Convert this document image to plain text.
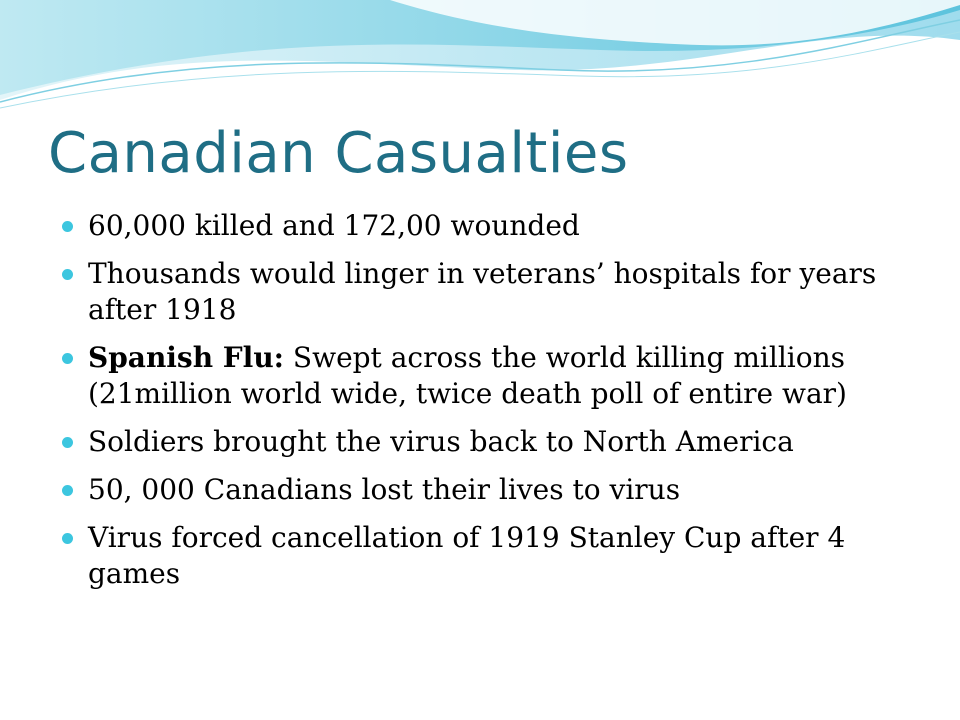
Canadian Casualties
60,000 killed and 172,00 wounded
Thousands would linger in veterans’ hospitals for years after 1918
Spanish Flu: Swept across the world killing millions (21million world wide, twice death poll of entire war)
Soldiers brought the virus back to North America
50, 000 Canadians lost their lives to virus
Virus forced cancellation of 1919 Stanley Cup after 4 games
